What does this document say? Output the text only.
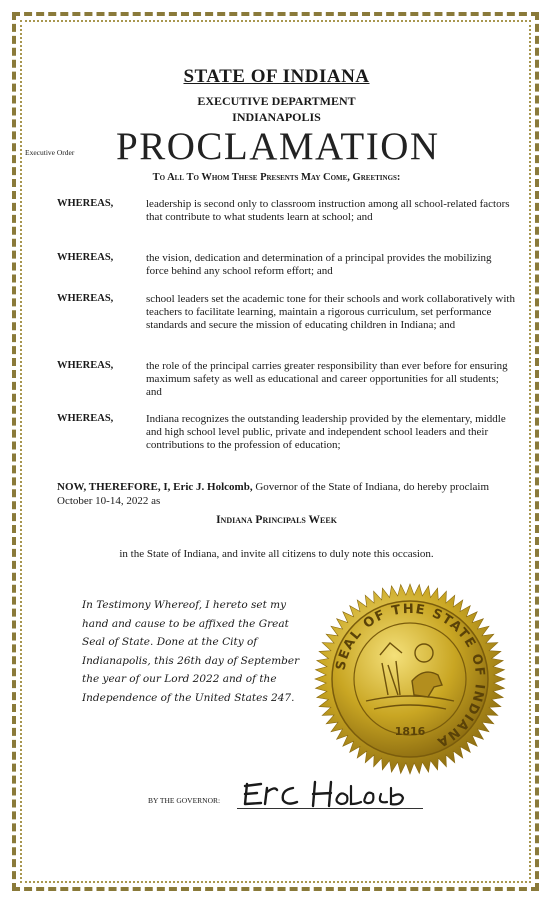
STATE OF INDIANA
EXECUTIVE DEPARTMENT
INDIANAPOLIS
Executive Order PROCLAMATION
To All To Whom These Presents May Come, Greetings:
WHEREAS,	leadership is second only to classroom instruction among all school-related factors that contribute to what students learn at school; and
WHEREAS,	the vision, dedication and determination of a principal provides the mobilizing force behind any school reform effort; and
WHEREAS,	school leaders set the academic tone for their schools and work collaboratively with teachers to facilitate learning, maintain a rigorous curriculum, set performance standards and secure the mission of educating children in Indiana; and
WHEREAS,	the role of the principal carries greater responsibility than ever before for ensuring maximum safety as well as educational and career opportunities for all students; and
WHEREAS,	Indiana recognizes the outstanding leadership provided by the elementary, middle and high school level public, private and independent school leaders and their contributions to the profession of education;
NOW, THEREFORE, I, Eric J. Holcomb, Governor of the State of Indiana, do hereby proclaim October 10-14, 2022 as
Indiana Principals Week
in the State of Indiana, and invite all citizens to duly note this occasion.
In Testimony Whereof, I hereto set my hand and cause to be affixed the Great Seal of State. Done at the City of Indianapolis, this 26th day of September the year of our Lord 2022 and of the Independence of the United States 247.
SEAL OF THE STATE OF INDIANA
1816
BY THE GOVERNOR:
